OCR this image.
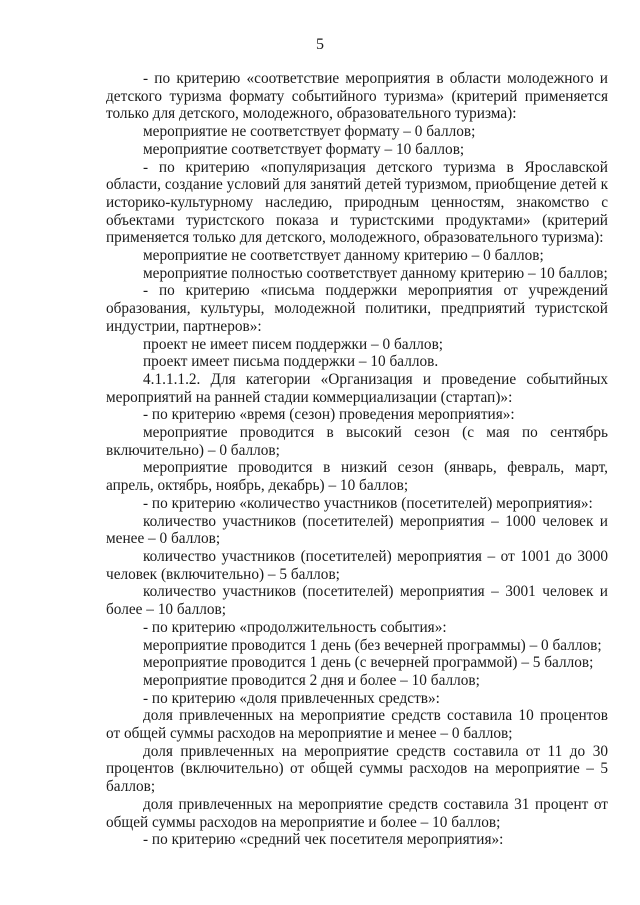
5

- по критерию «соответствие мероприятия в области молодежного и детского туризма формату событийного туризма» (критерий применяется только для детского, молодежного, образовательного туризма):

мероприятие не соответствует формату – 0 баллов;

мероприятие соответствует формату – 10 баллов;

- по критерию «популяризация детского туризма в Ярославской области, создание условий для занятий детей туризмом, приобщение детей к историко-культурному наследию, природным ценностям, знакомство с объектами туристского показа и туристскими продуктами» (критерий применяется только для детского, молодежного, образовательного туризма):

мероприятие не соответствует данному критерию – 0 баллов;

мероприятие полностью соответствует данному критерию – 10 баллов;

- по критерию «письма поддержки мероприятия от учреждений образования, культуры, молодежной политики, предприятий туристской индустрии, партнеров»:

проект не имеет писем поддержки – 0 баллов;

проект имеет письма поддержки – 10 баллов.

4.1.1.1.2. Для категории «Организация и проведение событийных мероприятий на ранней стадии коммерциализации (стартап)»:

- по критерию «время (сезон) проведения мероприятия»:

мероприятие проводится в высокий сезон (с мая по сентябрь включительно) – 0 баллов;

мероприятие проводится в низкий сезон (январь, февраль, март, апрель, октябрь, ноябрь, декабрь) – 10 баллов;

- по критерию «количество участников (посетителей) мероприятия»:

количество участников (посетителей) мероприятия – 1000 человек и менее – 0 баллов;

количество участников (посетителей) мероприятия – от 1001 до 3000 человек (включительно) – 5 баллов;

количество участников (посетителей) мероприятия – 3001 человек и более – 10 баллов;

- по критерию «продолжительность события»:

мероприятие проводится 1 день (без вечерней программы) – 0 баллов;

мероприятие проводится 1 день (с вечерней программой) – 5 баллов;

мероприятие проводится 2 дня и более – 10 баллов;

- по критерию «доля привлеченных средств»:

доля привлеченных на мероприятие средств составила 10 процентов от общей суммы расходов на мероприятие и менее – 0 баллов;

доля привлеченных на мероприятие средств составила от 11 до 30 процентов (включительно) от общей суммы расходов на мероприятие – 5 баллов;

доля привлеченных на мероприятие средств составила 31 процент от общей суммы расходов на мероприятие и более – 10 баллов;

- по критерию «средний чек посетителя мероприятия»:
